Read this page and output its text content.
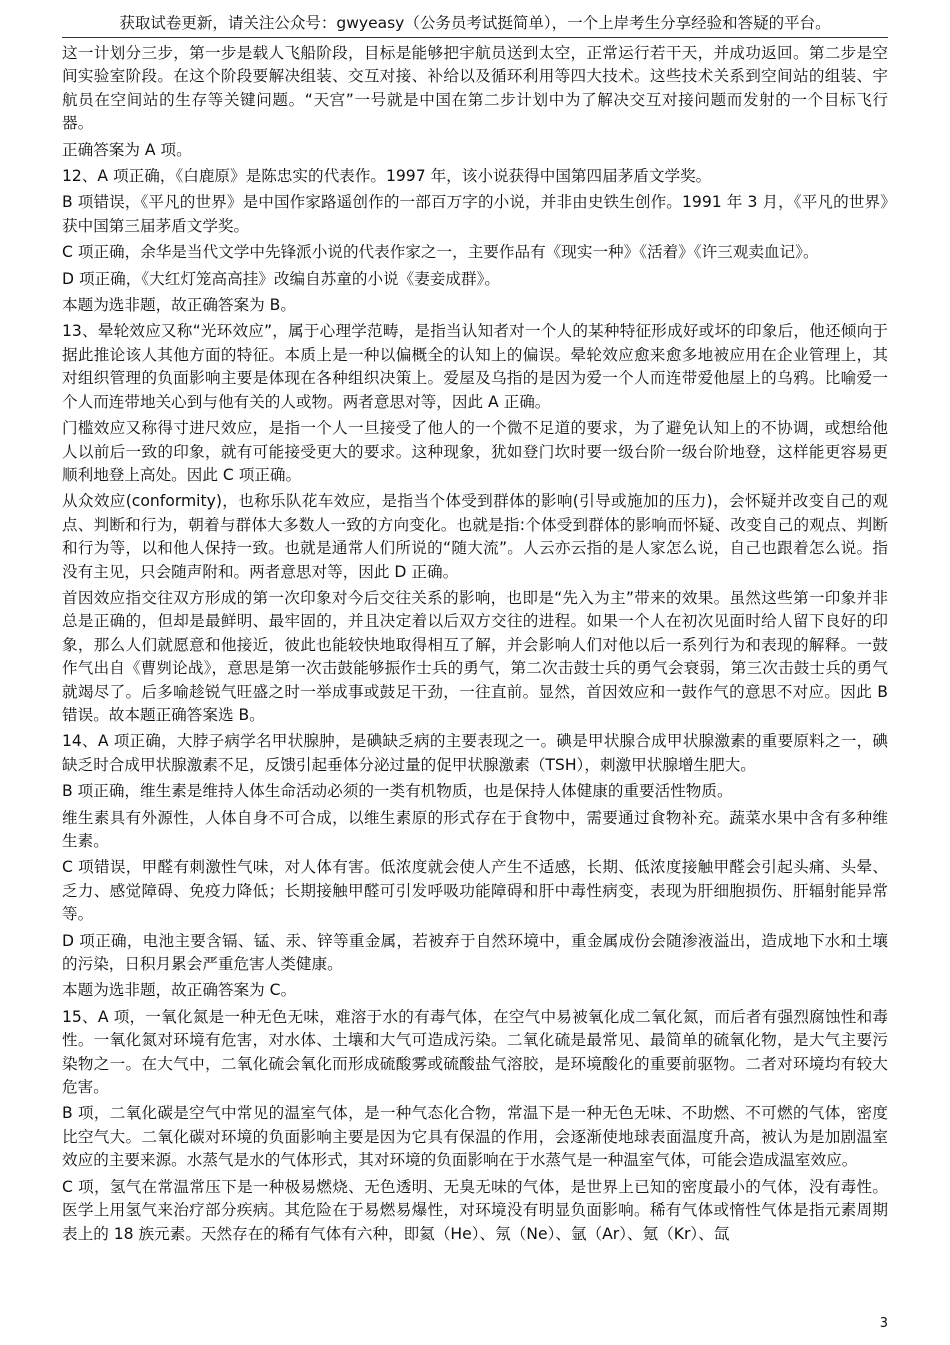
获取试卷更新，请关注公众号：gwyeasy（公务员考试挺简单），一个上岸考生分享经验和答疑的平台。

这一计划分三步，第一步是载人飞船阶段，目标是能够把宇航员送到太空，正常运行若干天，并成功返回。第二步是空间实验室阶段。在这个阶段要解决组装、交互对接、补给以及循环利用等四大技术。这些技术关系到空间站的组装、宇航员在空间站的生存等关键问题。“天宫”一号就是中国在第二步计划中为了解决交互对接问题而发射的一个目标飞行器。

正确答案为 A 项。

12、A 项正确，《白鹿原》是陈忠实的代表作。1997 年，该小说获得中国第四届茅盾文学奖。

B 项错误，《平凡的世界》是中国作家路遥创作的一部百万字的小说，并非由史铁生创作。1991 年 3 月，《平凡的世界》获中国第三届茅盾文学奖。

C 项正确，余华是当代文学中先锋派小说的代表作家之一，主要作品有《现实一种》《活着》《许三观卖血记》。

D 项正确，《大红灯笼高高挂》改编自苏童的小说《妻妾成群》。

本题为选非题，故正确答案为 B。

13、晕轮效应又称“光环效应”，属于心理学范畴，是指当认知者对一个人的某种特征形成好或坏的印象后，他还倾向于据此推论该人其他方面的特征。本质上是一种以偏概全的认知上的偏误。晕轮效应愈来愈多地被应用在企业管理上，其对组织管理的负面影响主要是体现在各种组织决策上。爱屋及乌指的是因为爱一个人而连带爱他屋上的乌鸦。比喻爱一个人而连带地关心到与他有关的人或物。两者意思对等，因此 A 正确。

门槛效应又称得寸进尺效应，是指一个人一旦接受了他人的一个微不足道的要求，为了避免认知上的不协调，或想给他人以前后一致的印象，就有可能接受更大的要求。这种现象，犹如登门坎时要一级台阶一级台阶地登，这样能更容易更顺利地登上高处。因此 C 项正确。

从众效应(conformity)，也称乐队花车效应，是指当个体受到群体的影响(引导或施加的压力)，会怀疑并改变自己的观点、判断和行为，朝着与群体大多数人一致的方向变化。也就是指:个体受到群体的影响而怀疑、改变自己的观点、判断和行为等，以和他人保持一致。也就是通常人们所说的“随大流”。人云亦云指的是人家怎么说，自己也跟着怎么说。指没有主见，只会随声附和。两者意思对等，因此 D 正确。

首因效应指交往双方形成的第一次印象对今后交往关系的影响，也即是“先入为主”带来的效果。虽然这些第一印象并非总是正确的，但却是最鲜明、最牢固的，并且决定着以后双方交往的进程。如果一个人在初次见面时给人留下良好的印象，那么人们就愿意和他接近，彼此也能较快地取得相互了解，并会影响人们对他以后一系列行为和表现的解释。一鼓作气出自《曹刿论战》，意思是第一次击鼓能够振作士兵的勇气，第二次击鼓士兵的勇气会衰弱，第三次击鼓士兵的勇气就竭尽了。后多喻趁锐气旺盛之时一举成事或鼓足干劲，一往直前。显然，首因效应和一鼓作气的意思不对应。因此 B 错误。故本题正确答案选 B。

14、A 项正确，大脖子病学名甲状腺肿，是碘缺乏病的主要表现之一。碘是甲状腺合成甲状腺激素的重要原料之一，碘缺乏时合成甲状腺激素不足，反馈引起垂体分泌过量的促甲状腺激素（TSH），刺激甲状腺增生肥大。

B 项正确，维生素是维持人体生命活动必须的一类有机物质，也是保持人体健康的重要活性物质。

维生素具有外源性，人体自身不可合成，以维生素原的形式存在于食物中，需要通过食物补充。蔬菜水果中含有多种维生素。

C 项错误，甲醛有刺激性气味，对人体有害。低浓度就会使人产生不适感，长期、低浓度接触甲醛会引起头痛、头晕、乏力、感觉障碍、免疫力降低；长期接触甲醛可引发呼吸功能障碍和肝中毒性病变，表现为肝细胞损伤、肝辐射能异常等。

D 项正确，电池主要含镉、锰、汞、锌等重金属，若被弃于自然环境中，重金属成份会随渗液溢出，造成地下水和土壤的污染，日积月累会严重危害人类健康。

本题为选非题，故正确答案为 C。

15、A 项，一氧化氮是一种无色无味，难溶于水的有毒气体，在空气中易被氧化成二氧化氮，而后者有强烈腐蚀性和毒性。一氧化氮对环境有危害，对水体、土壤和大气可造成污染。二氧化硫是最常见、最简单的硫氧化物，是大气主要污染物之一。在大气中，二氧化硫会氧化而形成硫酸雾或硫酸盐气溶胶，是环境酸化的重要前驱物。二者对环境均有较大危害。

B 项，二氧化碳是空气中常见的温室气体，是一种气态化合物，常温下是一种无色无味、不助燃、不可燃的气体，密度比空气大。二氧化碳对环境的负面影响主要是因为它具有保温的作用，会逐渐使地球表面温度升高，被认为是加剧温室效应的主要来源。水蒸气是水的气体形式，其对环境的负面影响在于水蒸气是一种温室气体，可能会造成温室效应。

C 项，氢气在常温常压下是一种极易燃烧、无色透明、无臭无味的气体，是世界上已知的密度最小的气体，没有毒性。医学上用氢气来治疗部分疾病。其危险在于易燃易爆性，对环境没有明显负面影响。稀有气体或惰性气体是指元素周期表上的 18 族元素。天然存在的稀有气体有六种，即氦（He）、氖（Ne）、氩（Ar）、氪（Kr）、氙

3
